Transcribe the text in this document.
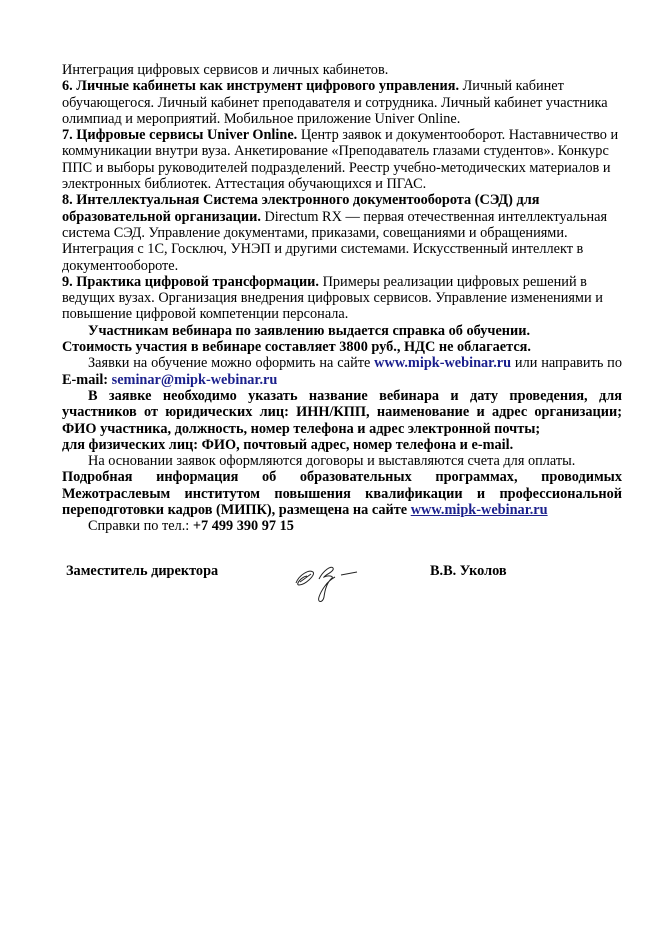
Интеграция цифровых сервисов и личных кабинетов.

6. Личные кабинеты как инструмент цифрового управления. Личный кабинет обучающегося. Личный кабинет преподавателя и сотрудника. Личный кабинет участника олимпиад и мероприятий. Мобильное приложение Univer Online.

7. Цифровые сервисы Univer Online. Центр заявок и документооборот. Наставничество и коммуникации внутри вуза. Анкетирование «Преподаватель глазами студентов». Конкурс ППС и выборы руководителей подразделений. Реестр учебно-методических материалов и электронных библиотек. Аттестация обучающихся и ПГАС.

8. Интеллектуальная Система электронного документооборота (СЭД) для образовательной организации. Directum RX — первая отечественная интеллектуальная система СЭД. Управление документами, приказами, совещаниями и обращениями. Интеграция с 1С, Госключ, УНЭП и другими системами. Искусственный интеллект в документообороте.

9. Практика цифровой трансформации. Примеры реализации цифровых решений в ведущих вузах. Организация внедрения цифровых сервисов. Управление изменениями и повышение цифровой компетенции персонала.

Участникам вебинара по заявлению выдается справка об обучении.

Стоимость участия в вебинаре составляет 3800 руб., НДС не облагается.

Заявки на обучение можно оформить на сайте www.mipk-webinar.ru или направить по E-mail: seminar@mipk-webinar.ru

В заявке необходимо указать название вебинара и дату проведения, для участников от юридических лиц: ИНН/КПП, наименование и адрес организации; ФИО участника, должность, номер телефона и адрес электронной почты;

для физических лиц: ФИО, почтовый адрес, номер телефона и e-mail.

На основании заявок оформляются договоры и выставляются счета для оплаты.

Подробная информация об образовательных программах, проводимых Межотраслевым институтом повышения квалификации и профессиональной переподготовки кадров (МИПК), размещена на сайте www.mipk-webinar.ru

Справки по тел.: +7 499 390 97 15

Заместитель директора	В.В. Уколов
